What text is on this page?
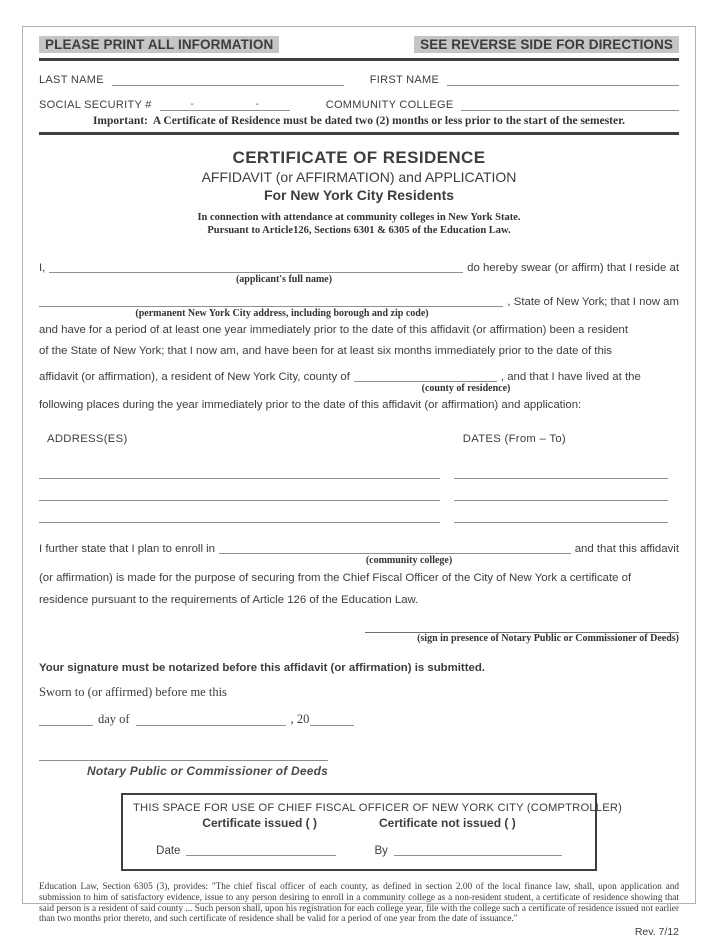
PLEASE PRINT ALL INFORMATION	SEE REVERSE SIDE FOR DIRECTIONS
LAST NAME	FIRST NAME
SOCIAL SECURITY #	-	-	COMMUNITY COLLEGE
Important: A Certificate of Residence must be dated two (2) months or less prior to the start of the semester.
CERTIFICATE OF RESIDENCE
AFFIDAVIT (or AFFIRMATION) and APPLICATION
For New York City Residents
In connection with attendance at community colleges in New York State.
Pursuant to Article126, Sections 6301 & 6305 of the Education Law.
I,	do hereby swear (or affirm) that I reside at
(applicant's full name)
, State of New York; that I now am
(permanent New York City address, including borough and zip code)
and have for a period of at least one year immediately prior to the date of this affidavit (or affirmation) been a resident
of the State of New York; that I now am, and have been for at least six months immediately prior to the date of this
affidavit (or affirmation), a resident of New York City, county of	, and that I have lived at the
(county of residence)
following places during the year immediately prior to the date of this affidavit (or affirmation) and application:
ADDRESS(ES)	DATES (From – To)
I further state that I plan to enroll in	and that this affidavit
(community college)
(or affirmation) is made for the purpose of securing from the Chief Fiscal Officer of the City of New York a certificate of
residence pursuant to the requirements of Article 126 of the Education Law.
(sign in presence of Notary Public or Commissioner of Deeds)
Your signature must be notarized before this affidavit (or affirmation) is submitted.
Sworn to (or affirmed) before me this
day of	, 20
Notary Public or Commissioner of Deeds
THIS SPACE FOR USE OF CHIEF FISCAL OFFICER OF NEW YORK CITY (COMPTROLLER)
Certificate issued ( )	Certificate not issued ( )
Date	By
Education Law, Section 6305 (3), provides: "The chief fiscal officer of each county, as defined in section 2.00 of the local finance law, shall, upon application and submission to him of satisfactory evidence, issue to any person desiring to enroll in a community college as a non-resident student, a certificate of residence showing that said person is a resident of said county ... Such person shall, upon his registration for each college year, file with the college such a certificate of residence issued not earlier than two months prior thereto, and such certificate of residence shall be valid for a period of one year from the date of issuance."
Rev. 7/12
